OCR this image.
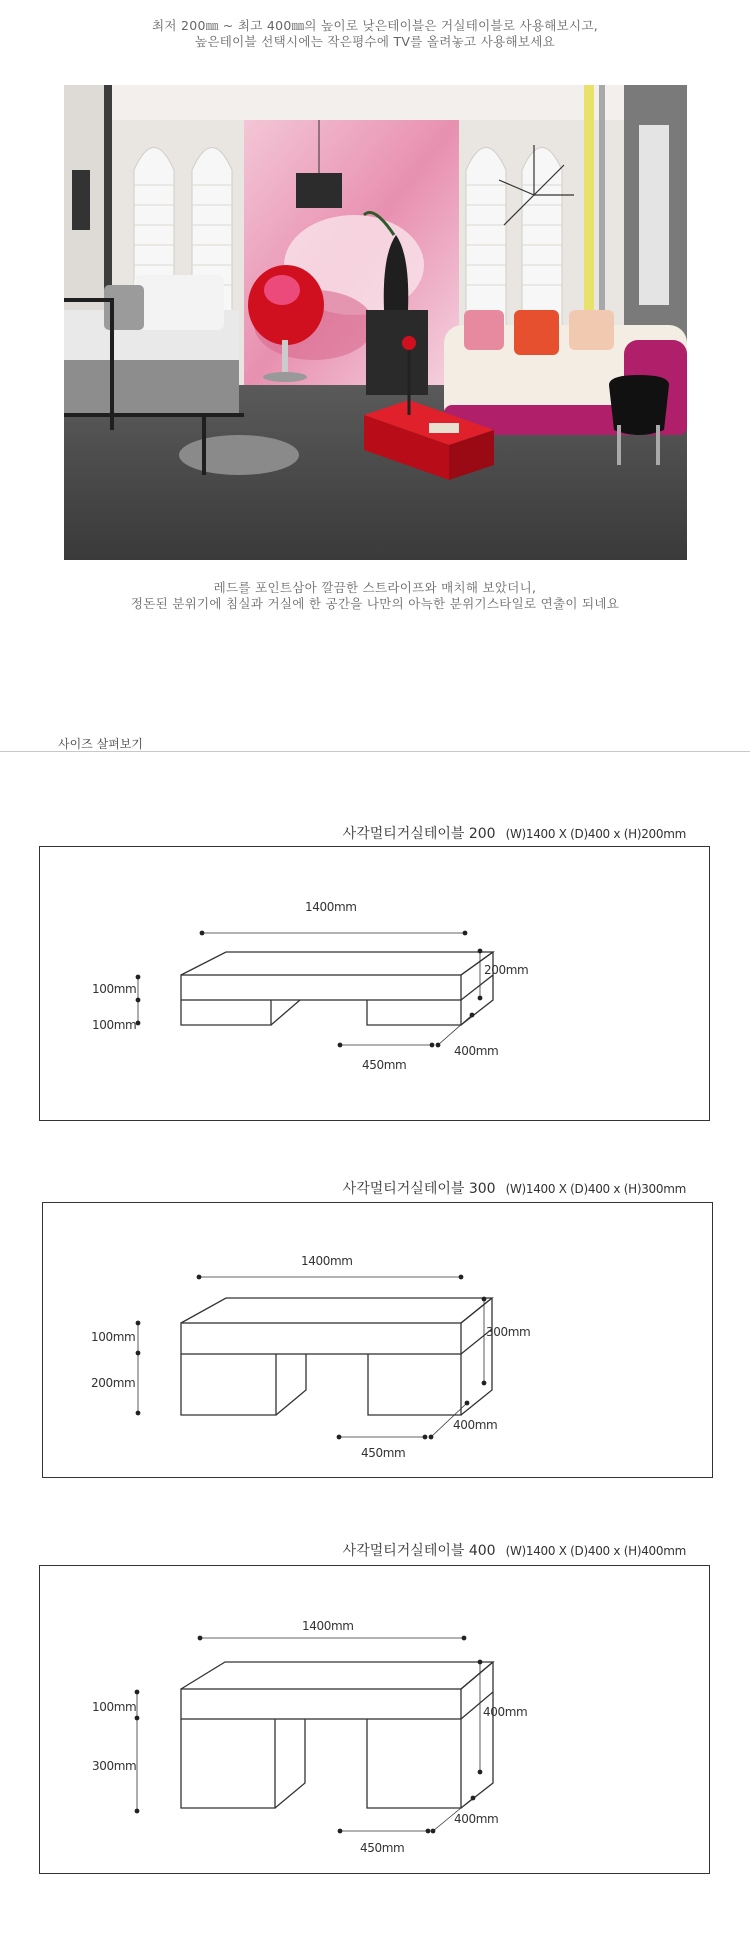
최저 200㎜ ~ 최고 400㎜의 높이로 낮은테이블은 거실테이블로 사용해보시고,
높은테이블 선택시에는 작은평수에 TV를 올려놓고 사용해보세요
레드를 포인트삼아 깔끔한 스트라이프와 매치해 보았더니,
정돈된 분위기에 침실과 거실에 한 공간을 나만의 아늑한 분위기스타일로 연출이 되네요
사이즈 살펴보기
사각멀티거실테이블 200 (W)1400 X (D)400 x (H)200mm
1400mm
200mm
100mm
100mm
400mm
450mm
사각멀티거실테이블 300 (W)1400 X (D)400 x (H)300mm
1400mm
300mm
100mm
200mm
400mm
450mm
사각멀티거실테이블 400 (W)1400 X (D)400 x (H)400mm
1400mm
400mm
100mm
300mm
400mm
450mm
